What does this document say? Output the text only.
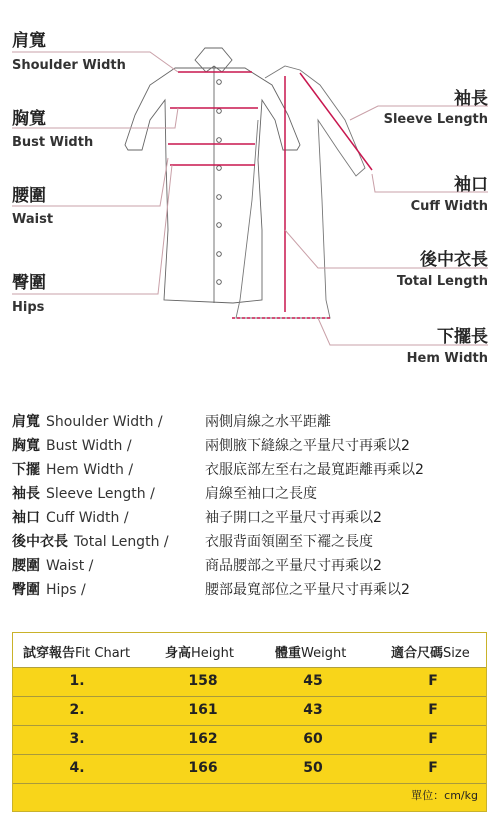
肩寬
Shoulder Width
胸寬
Bust Width
腰圍
Waist
臀圍
Hips
袖長
Sleeve Length
袖口
Cuff Width
後中衣長
Total Length
下擺長
Hem Width
肩寬 Shoulder Width /	兩側肩線之水平距離
胸寬 Bust Width /	兩側腋下縫線之平量尺寸再乘以2
下擺 Hem Width /	衣服底部左至右之最寬距離再乘以2
袖長 Sleeve Length /	肩線至袖口之長度
袖口 Cuff Width /	袖子開口之平量尺寸再乘以2
後中衣長 Total Length /	衣服背面領圍至下襬之長度
腰圍 Waist /	商品腰部之平量尺寸再乘以2
臀圍 Hips /	腰部最寬部位之平量尺寸再乘以2
試穿報告Fit Chart	身高Height	體重Weight	適合尺碼Size
1.	158	45	F
2.	161	43	F
3.	162	60	F
4.	166	50	F
單位：cm/kg
